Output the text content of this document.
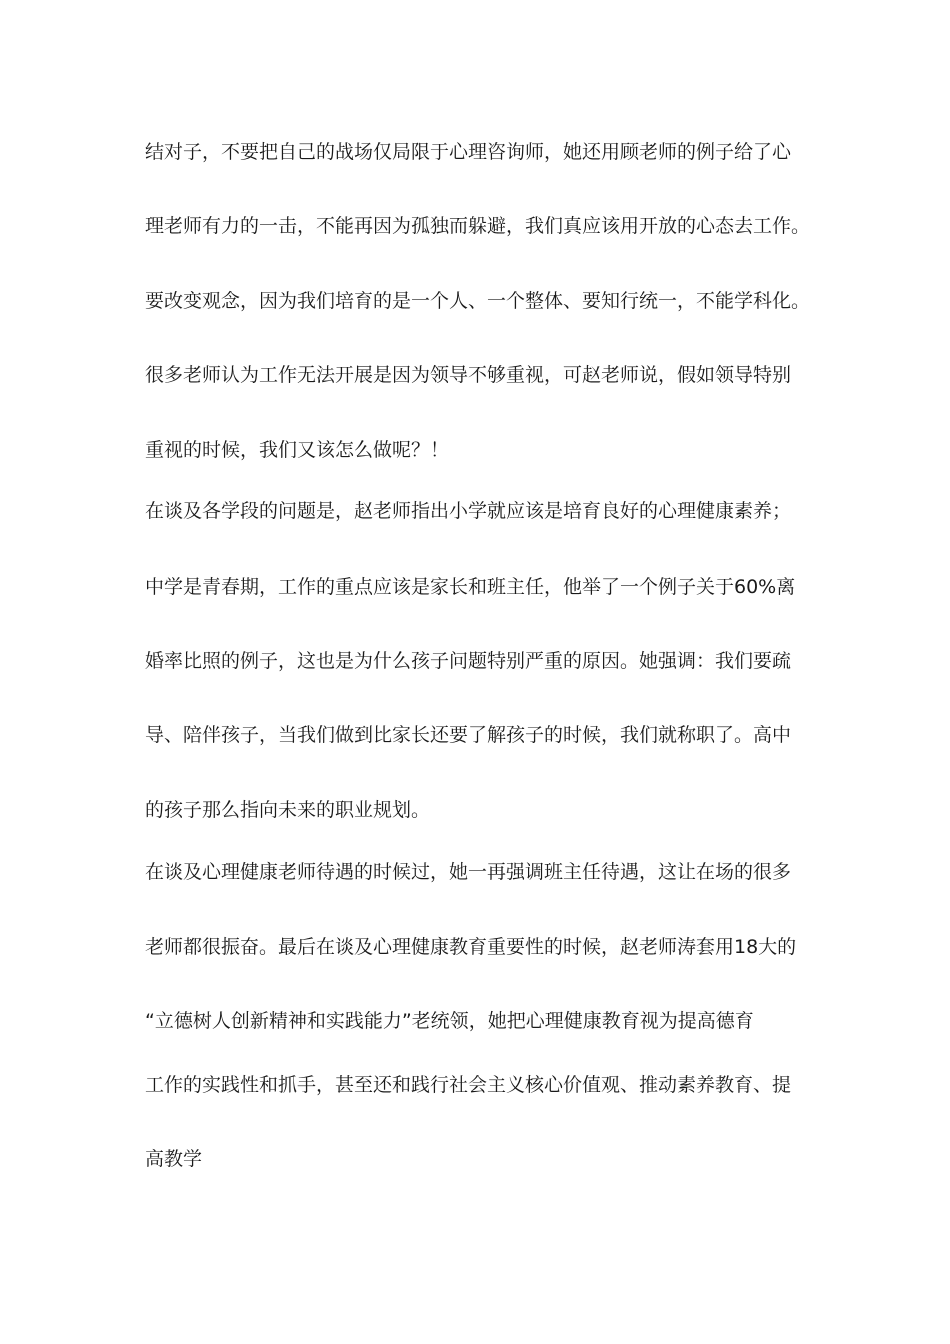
结对子，不要把自己的战场仅局限于心理咨询师，她还用顾老师的例子给了心
理老师有力的一击，不能再因为孤独而躲避，我们真应该用开放的心态去工作。
要改变观念，因为我们培育的是一个人、一个整体、要知行统一，不能学科化。
很多老师认为工作无法开展是因为领导不够重视，可赵老师说，假如领导特别
重视的时候，我们又该怎么做呢？！
在谈及各学段的问题是，赵老师指出小学就应该是培育良好的心理健康素养；
中学是青春期，工作的重点应该是家长和班主任，他举了一个例子关于60%离
婚率比照的例子，这也是为什么孩子问题特别严重的原因。她强调：我们要疏
导、陪伴孩子，当我们做到比家长还要了解孩子的时候，我们就称职了。高中
的孩子那么指向未来的职业规划。
在谈及心理健康老师待遇的时候过，她一再强调班主任待遇，这让在场的很多
老师都很振奋。最后在谈及心理健康教育重要性的时候，赵老师涛套用18大的
“立德树人创新精神和实践能力”老统领，她把心理健康教育视为提高德育
工作的实践性和抓手，甚至还和践行社会主义核心价值观、推动素养教育、提
高教学
